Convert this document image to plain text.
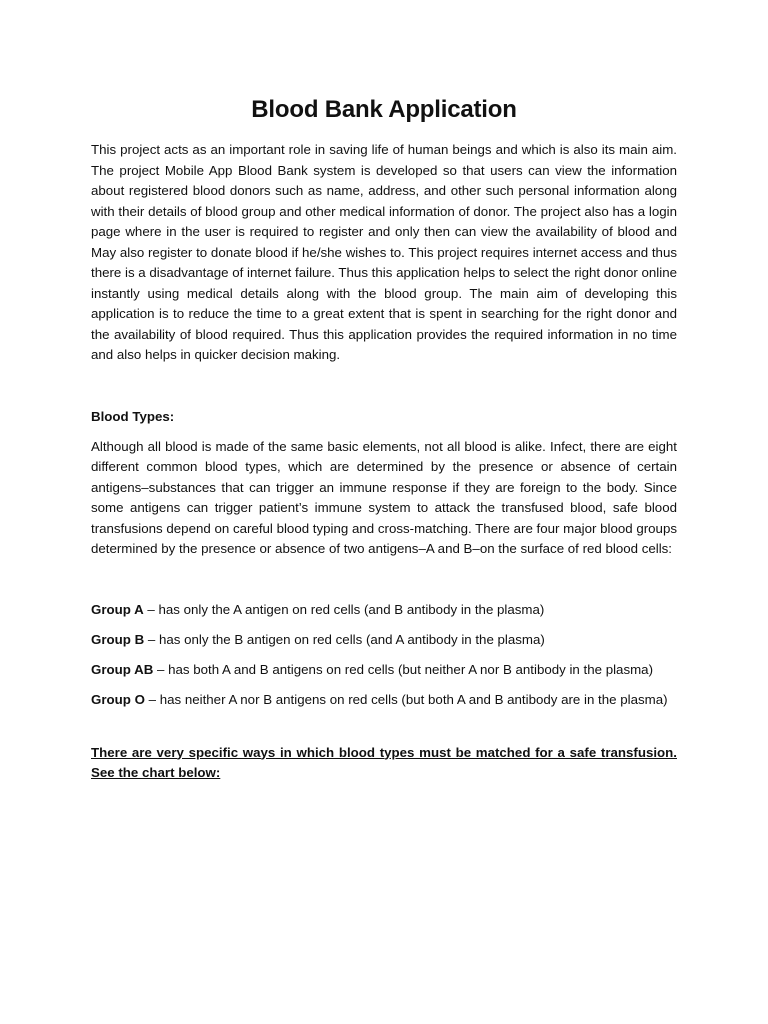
Blood Bank Application

This project acts as an important role in saving life of human beings and which is also its main aim. The project Mobile App Blood Bank system is developed so that users can view the information about registered blood donors such as name, address, and other such personal information along with their details of blood group and other medical information of donor. The project also has a login page where in the user is required to register and only then can view the availability of blood and May also register to donate blood if he/she wishes to. This project requires internet access and thus there is a disadvantage of internet failure. Thus this application helps to select the right donor online instantly using medical details along with the blood group. The main aim of developing this application is to reduce the time to a great extent that is spent in searching for the right donor and the availability of blood required. Thus this application provides the required information in no time and also helps in quicker decision making.

Blood Types:

Although all blood is made of the same basic elements, not all blood is alike. Infect, there are eight different common blood types, which are determined by the presence or absence of certain antigens–substances that can trigger an immune response if they are foreign to the body. Since some antigens can trigger patient’s immune system to attack the transfused blood, safe blood transfusions depend on careful blood typing and cross-matching. There are four major blood groups determined by the presence or absence of two antigens–A and B–on the surface of red blood cells:

Group A – has only the A antigen on red cells (and B antibody in the plasma)
Group B – has only the B antigen on red cells (and A antibody in the plasma)
Group AB – has both A and B antigens on red cells (but neither A nor B antibody in the plasma)
Group O – has neither A nor B antigens on red cells (but both A and B antibody are in the plasma)

There are very specific ways in which blood types must be matched for a safe transfusion. See the chart below:
